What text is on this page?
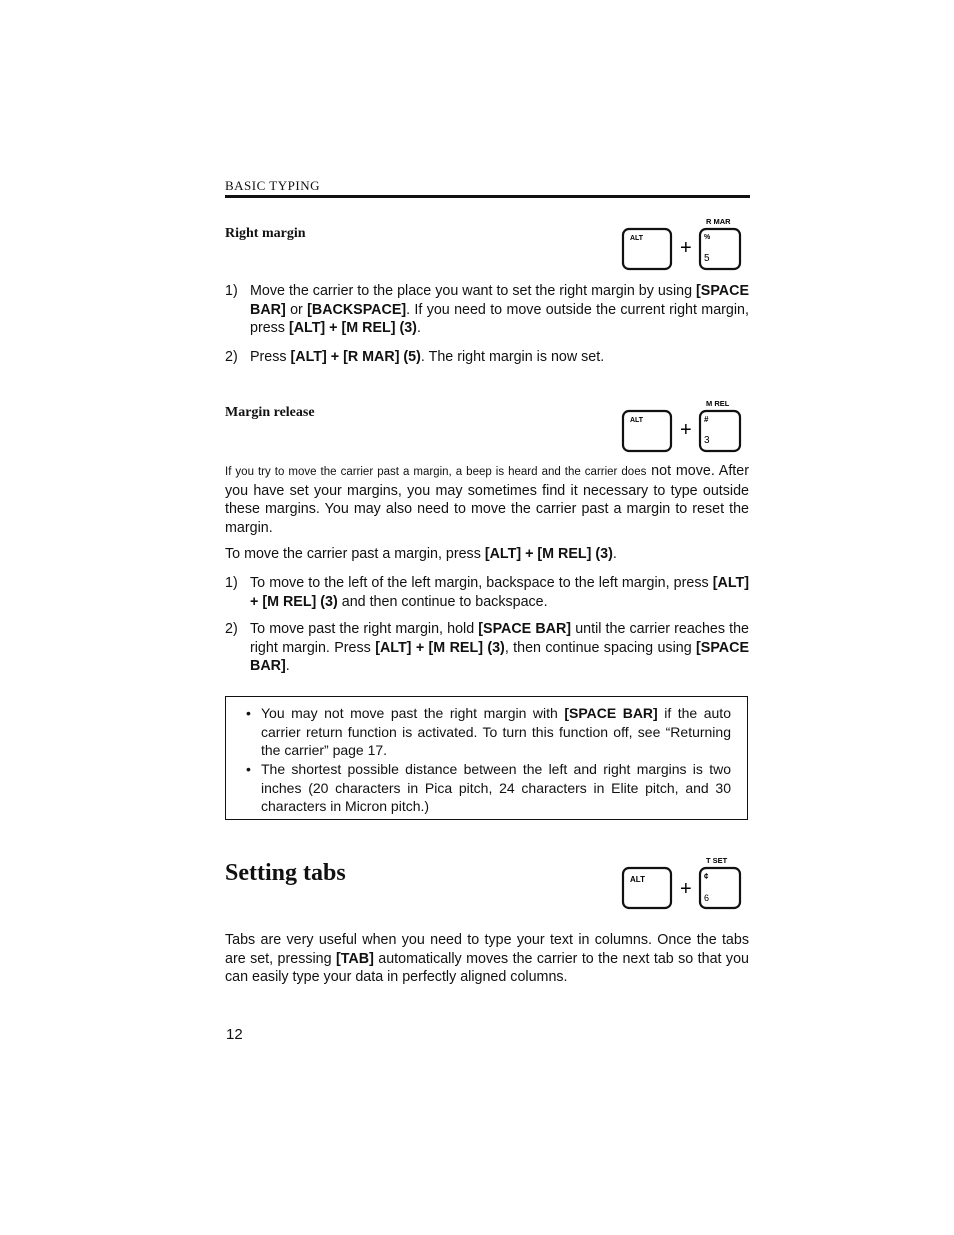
BASIC TYPING
Right margin	ALT + %
5
R MAR
1) Move the carrier to the place you want to set the right margin by using [SPACE BAR] or [BACKSPACE]. If you need to move outside the current right margin, press [ALT] + [M REL] (3).
2) Press [ALT] + [R MAR] (5). The right margin is now set.
Margin release
ALT + #
3
M REL
If you try to move the carrier past a margin, a beep is heard and the carrier does not move. After you have set your margins, you may sometimes find it necessary to type outside these margins. You may also need to move the carrier past a margin to reset the margin.
To move the carrier past a margin, press [ALT] + [M REL] (3).
1) To move to the left of the left margin, backspace to the left margin, press [ALT] + [M REL] (3) and then continue to backspace.
2) To move past the right margin, hold [SPACE BAR] until the carrier reaches the right margin. Press [ALT] + [M REL] (3), then continue spacing using [SPACE BAR].
• You may not move past the right margin with [SPACE BAR] if the auto carrier return function is activated. To turn this function off, see “Returning the carrier” page 17.
• The shortest possible distance between the left and right margins is two inches (20 characters in Pica pitch, 24 characters in Elite pitch, and 30 characters in Micron pitch.)
Setting tabs	ALT +
¢
6
T SET
Tabs are very useful when you need to type your text in columns. Once the tabs are set, pressing [TAB] automatically moves the carrier to the next tab so that you can easily type your data in perfectly aligned columns.
12
